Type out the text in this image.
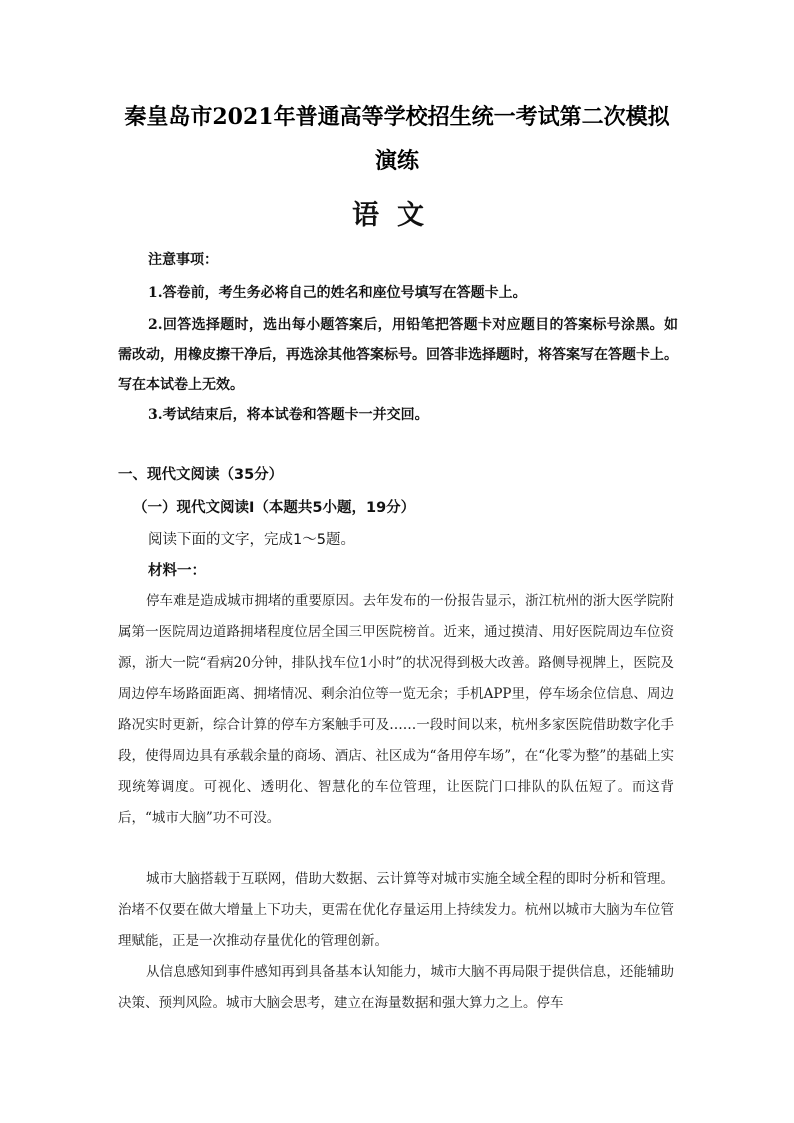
秦皇岛市2021年普通高等学校招生统一考试第二次模拟
演练
语文
注意事项：
1.答卷前，考生务必将自己的姓名和座位号填写在答题卡上。
2.回答选择题时，选出每小题答案后，用铅笔把答题卡对应题目的答案标号涂黑。如需改动，用橡皮擦干净后，再选涂其他答案标号。回答非选择题时，将答案写在答题卡上。写在本试卷上无效。
3.考试结束后，将本试卷和答题卡一并交回。
一、现代文阅读（35分）
（一）现代文阅读Ⅰ（本题共5小题，19分）
阅读下面的文字，完成1～5题。
材料一：
停车难是造成城市拥堵的重要原因。去年发布的一份报告显示，浙江杭州的浙大医学院附属第一医院周边道路拥堵程度位居全国三甲医院榜首。近来，通过摸清、用好医院周边车位资源，浙大一院“看病20分钟，排队找车位1小时”的状况得到极大改善。路侧导视牌上，医院及周边停车场路面距离、拥堵情况、剩余泊位等一览无余；手机APP里，停车场余位信息、周边路况实时更新，综合计算的停车方案触手可及……一段时间以来，杭州多家医院借助数字化手段，使得周边具有承载余量的商场、酒店、社区成为“备用停车场”，在“化零为整”的基础上实现统筹调度。可视化、透明化、智慧化的车位管理，让医院门口排队的队伍短了。而这背后，“城市大脑”功不可没。
城市大脑搭载于互联网，借助大数据、云计算等对城市实施全域全程的即时分析和管理。治堵不仅要在做大增量上下功夫，更需在优化存量运用上持续发力。杭州以城市大脑为车位管理赋能，正是一次推动存量优化的管理创新。
从信息感知到事件感知再到具备基本认知能力，城市大脑不再局限于提供信息，还能辅助决策、预判风险。城市大脑会思考，建立在海量数据和强大算力之上。停车
